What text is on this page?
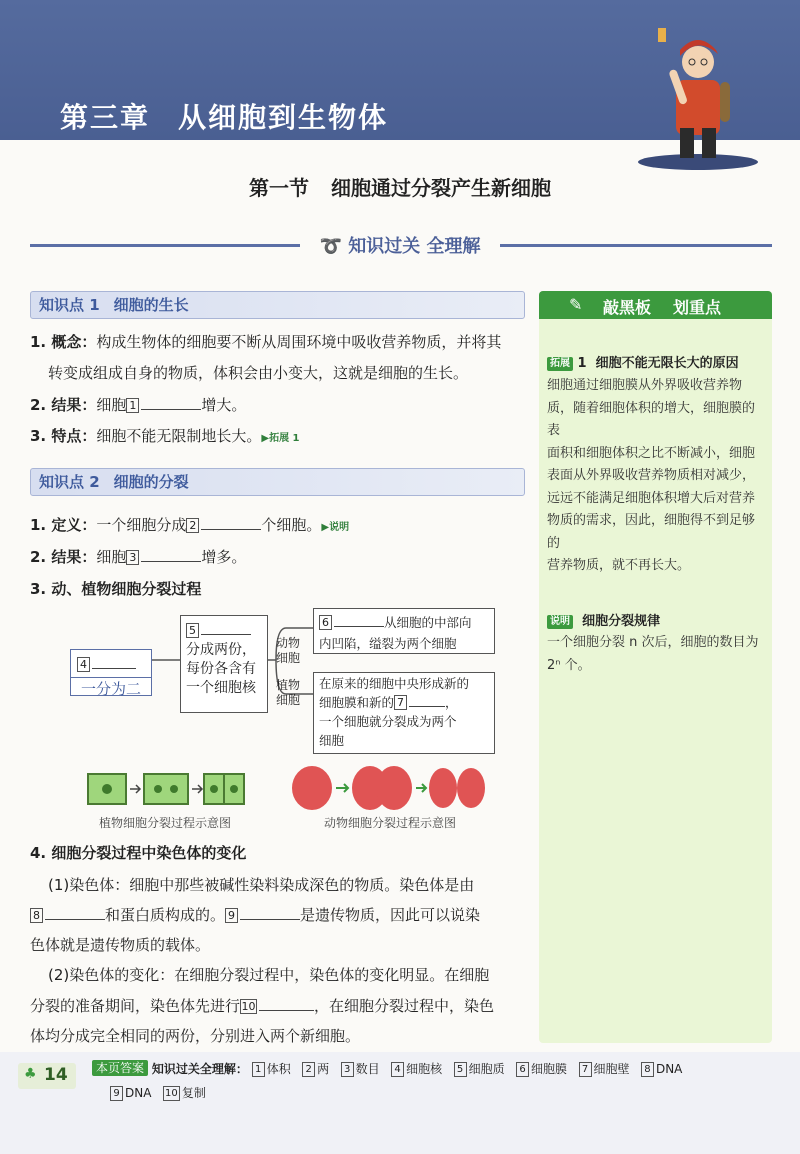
第三章 从细胞到生物体
第一节 细胞通过分裂产生新细胞
➰ 知识过关 全理解
知识点 1 细胞的生长
1. 概念：构成生物体的细胞要不断从周围环境中吸收营养物质，并将其
转变成组成自身的物质，体积会由小变大，这就是细胞的生长。
2. 结果：细胞 1	增大。
3. 特点：细胞不能无限制地长大。▶拓展 1
知识点 2 细胞的分裂
1. 定义：一个细胞分成 2	个细胞。▶说明
2. 结果：细胞 3	增多。
3. 动、植物细胞分裂过程
4
一分为二
5
分成两份，每份各含有一个细胞核
动物细胞
植物细胞
6	从细胞的中部向
内凹陷，缢裂为两个细胞
在原来的细胞中央形成新的
细胞膜和新的 7	，
一个细胞就分裂成为两个
细胞
植物细胞分裂过程示意图	动物细胞分裂过程示意图
4. 细胞分裂过程中染色体的变化
(1)染色体：细胞中那些被碱性染料染成深色的物质。染色体是由
8	和蛋白质构成的。 9	是遗传物质，因此可以说染
色体就是遗传物质的载体。
(2)染色体的变化：在细胞分裂过程中，染色体的变化明显。在细胞
分裂的准备期间，染色体先进行 10	，在细胞分裂过程中，染色
体均分成完全相同的两份，分别进入两个新细胞。
✎ 敲黑板 划重点
拓展 1 细胞不能无限长大的原因
细胞通过细胞膜从外界吸收营养物
质，随着细胞体积的增大，细胞膜的表
面积和细胞体积之比不断减小，细胞
表面从外界吸收营养物质相对减少，
远远不能满足细胞体积增大后对营养
物质的需求，因此，细胞得不到足够的
营养物质，就不再长大。
说明 细胞分裂规律
一个细胞分裂 n 次后，细胞的数目为
2ⁿ 个。
♣ 14	本页答案 知识过关全理解： 1 体积 2 两 3 数目 4 细胞核 5 细胞质 6 细胞膜 7 细胞壁 8 DNA
9 DNA 10 复制
